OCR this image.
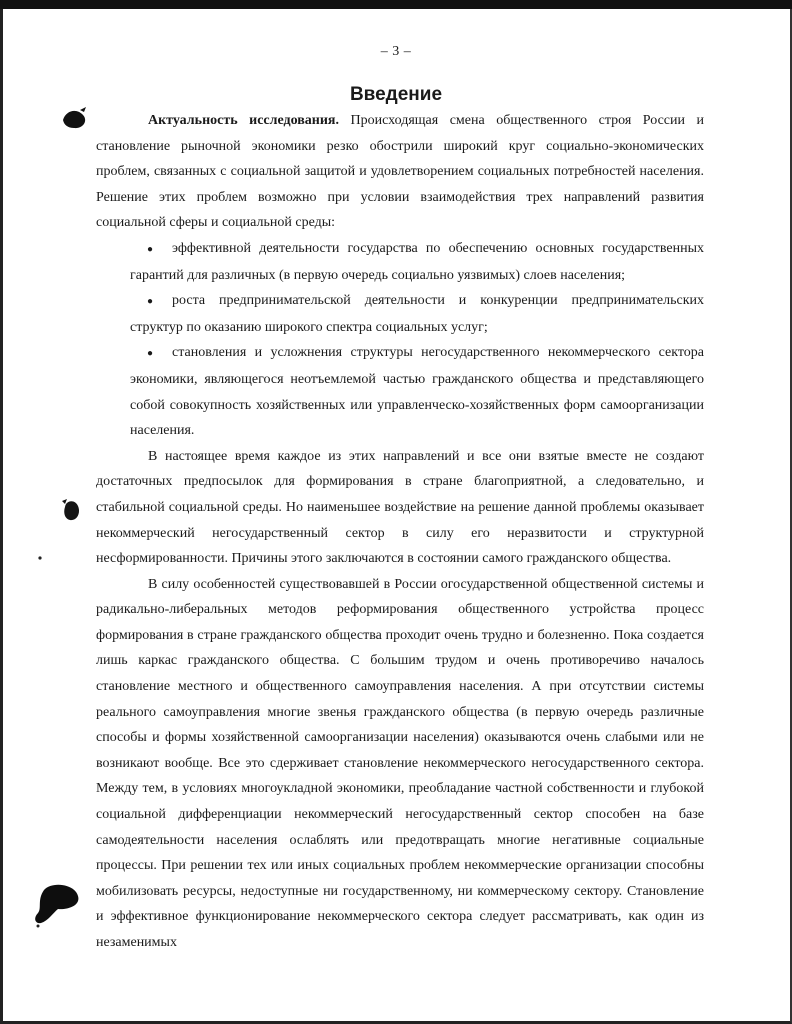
– 3 –
Введение

Актуальность исследования. Происходящая смена общественного строя России и становление рыночной экономики резко обострили широкий круг социально-экономических проблем, связанных с социальной защитой и удовлетворением социальных потребностей населения. Решение этих проблем возможно при условии взаимодействия трех направлений развития социальной сферы и социальной среды:

● эффективной деятельности государства по обеспечению основных государственных гарантий для различных (в первую очередь социально уязвимых) слоев населения;

● роста предпринимательской деятельности и конкуренции предпринимательских структур по оказанию широкого спектра социальных услуг;

● становления и усложнения структуры негосударственного некоммерческого сектора экономики, являющегося неотъемлемой частью гражданского общества и представляющего собой совокупность хозяйственных или управленческо-хозяйственных форм самоорганизации населения.

В настоящее время каждое из этих направлений и все они взятые вместе не создают достаточных предпосылок для формирования в стране благоприятной, а следовательно, и стабильной социальной среды. Но наименьшее воздействие на решение данной проблемы оказывает некоммерческий негосударственный сектор в силу его неразвитости и структурной несформированности. Причины этого заключаются в состоянии самого гражданского общества.

В силу особенностей существовавшей в России огосударственной общественной системы и радикально-либеральных методов реформирования общественного устройства процесс формирования в стране гражданского общества проходит очень трудно и болезненно. Пока создается лишь каркас гражданского общества. С большим трудом и очень противоречиво началось становление местного и общественного самоуправления населения. А при отсутствии системы реального самоуправления многие звенья гражданского общества (в первую очередь различные способы и формы хозяйственной самоорганизации населения) оказываются очень слабыми или не возникают вообще. Все это сдерживает становление некоммерческого негосударственного сектора. Между тем, в условиях многоукладной экономики, преобладание частной собственности и глубокой социальной дифференциации некоммерческий негосударственный сектор способен на базе самодеятельности населения ослаблять или предотвращать многие негативные социальные процессы. При решении тех или иных социальных проблем некоммерческие организации способны мобилизовать ресурсы, недоступные ни государственному, ни коммерческому сектору. Становление и эффективное функционирование некоммерческого сектора следует рассматривать, как один из незаменимых
